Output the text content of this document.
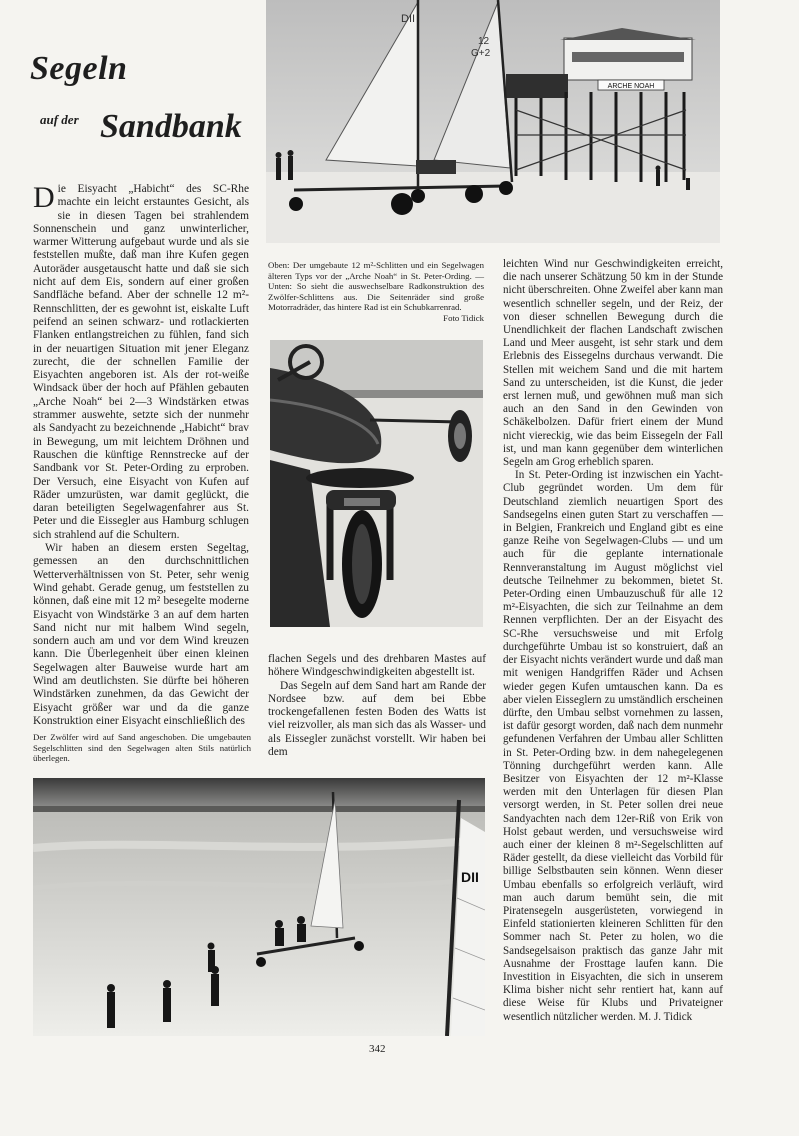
Segeln
auf der Sandbank
ARCHE NOAH
DII
12
G+2
Oben: Der umgebaute 12 m²-Schlitten und ein Segelwagen älteren Typs vor der „Arche Noah“ in St. Peter-Ording. — Unten: So sieht die auswechselbare Radkonstruktion des Zwölfer-Schlittens aus. Die Seitenräder sind große Motorradräder, das hintere Rad ist ein Schubkarrenrad.
Foto Tidick

Die Eisyacht „Habicht“ des SC-Rhe machte ein leicht erstauntes Gesicht, als sie in diesen Tagen bei strahlendem Sonnenschein und ganz unwinterlicher, warmer Witterung aufgebaut wurde und als sie feststellen mußte, daß man ihre Kufen gegen Autoräder ausgetauscht hatte und daß sie sich nicht auf dem Eis, sondern auf einer großen Sandfläche befand. Aber der schnelle 12 m²-Rennschlitten, der es gewohnt ist, eiskalte Luft peifend an seinen schwarz- und rotlackierten Flanken entlangstreichen zu fühlen, fand sich in der neuartigen Situation mit jener Eleganz zurecht, die der schnellen Familie der Eisyachten angeboren ist. Als der rot-weiße Windsack über der hoch auf Pfählen gebauten „Arche Noah“ bei 2—3 Windstärken etwas strammer auswehte, setzte sich der nunmehr als Sandyacht zu bezeichnende „Habicht“ brav in Bewegung, um mit leichtem Dröhnen und Rauschen die künftige Rennstrecke auf der Sandbank vor St. Peter-Ording zu erproben. Der Versuch, eine Eisyacht von Kufen auf Räder umzurüsten, war damit geglückt, die daran beteiligten Segelwagenfahrer aus St. Peter und die Eissegler aus Hamburg schlugen sich strahlend auf die Schultern.

Wir haben an diesem ersten Segeltag, gemessen an den durchschnittlichen Wetterverhältnissen von St. Peter, sehr wenig Wind gehabt. Gerade genug, um feststellen zu können, daß eine mit 12 m² besegelte moderne Eisyacht von Windstärke 3 an auf dem harten Sand nicht nur mit halbem Wind segeln, sondern auch am und vor dem Wind kreuzen kann. Die Überlegenheit über einen kleinen Segelwagen alter Bauweise wurde hart am Wind am deutlichsten. Sie dürfte bei höheren Windstärken zunehmen, da das Gewicht der Eisyacht größer war und da die ganze Konstruktion einer Eisyacht einschließlich des

Der Zwölfer wird auf Sand angeschoben. Die umgebauten Segelschlitten sind den Segelwagen alten Stils natürlich überlegen.

flachen Segels und des drehbaren Mastes auf höhere Windgeschwindigkeiten abgestellt ist.

Das Segeln auf dem Sand hart am Rande der Nordsee bzw. auf dem bei Ebbe trockengefallenen festen Boden des Watts ist viel reizvoller, als man sich das als Wasser- und als Eissegler zunächst vorstellt. Wir haben bei dem

leichten Wind nur Geschwindigkeiten erreicht, die nach unserer Schätzung 50 km in der Stunde nicht überschreiten. Ohne Zweifel aber kann man wesentlich schneller segeln, und der Reiz, der von dieser schnellen Bewegung durch die Unendlichkeit der flachen Landschaft zwischen Land und Meer ausgeht, ist sehr stark und dem Erlebnis des Eissegelns durchaus verwandt. Die Stellen mit weichem Sand und die mit hartem Sand zu unterscheiden, ist die Kunst, die jeder erst lernen muß, und gewöhnen muß man sich auch an den Sand in den Gewinden von Schäkelbolzen. Dafür friert einem der Mund nicht viereckig, wie das beim Eissegeln der Fall ist, und man kann gegenüber dem winterlichen Segeln am Grog erheblich sparen.

In St. Peter-Ording ist inzwischen ein Yacht-Club gegründet worden. Um dem für Deutschland ziemlich neuartigen Sport des Sandsegelns einen guten Start zu verschaffen — in Belgien, Frankreich und England gibt es eine ganze Reihe von Segelwagen-Clubs — und um auch für die geplante internationale Rennveranstaltung im August möglichst viel deutsche Teilnehmer zu bekommen, bietet St. Peter-Ording einen Umbauzuschuß für alle 12 m²-Eisyachten, die sich zur Teilnahme an dem Rennen verpflichten. Der an der Eisyacht des SC-Rhe versuchsweise und mit Erfolg durchgeführte Umbau ist so konstruiert, daß an der Eisyacht nichts verändert wurde und daß man mit wenigen Handgriffen Räder und Achsen wieder gegen Kufen umtauschen kann. Da es aber vielen Eisseglern zu umständlich erscheinen dürfte, den Umbau selbst vornehmen zu lassen, ist dafür gesorgt worden, daß nach dem nunmehr gefundenen Verfahren der Umbau aller Schlitten in St. Peter-Ording bzw. in dem nahegelegenen Tönning durchgeführt werden kann. Alle Besitzer von Eisyachten der 12 m²-Klasse werden mit den Unterlagen für diesen Plan versorgt werden, in St. Peter sollen drei neue Sandyachten nach dem 12er-Riß von Erik von Holst gebaut werden, und versuchsweise wird auch einer der kleinen 8 m²-Segelschlitten auf Räder gestellt, da diese vielleicht das Vorbild für billige Selbstbauten sein können. Wenn dieser Umbau ebenfalls so erfolgreich verläuft, wird man auch darum bemüht sein, die mit Piratensegeln ausgerüsteten, vorwiegend in Einfeld stationierten kleineren Schlitten für den Sommer nach St. Peter zu holen, wo die Sandsegelsaison praktisch das ganze Jahr mit Ausnahme der Frosttage laufen kann. Die Investition in Eisyachten, die sich in unserem Klima bisher nicht sehr rentiert hat, kann auf diese Weise für Klubs und Privateigner wesentlich nützlicher werden. M. J. Tidick

DII
342
